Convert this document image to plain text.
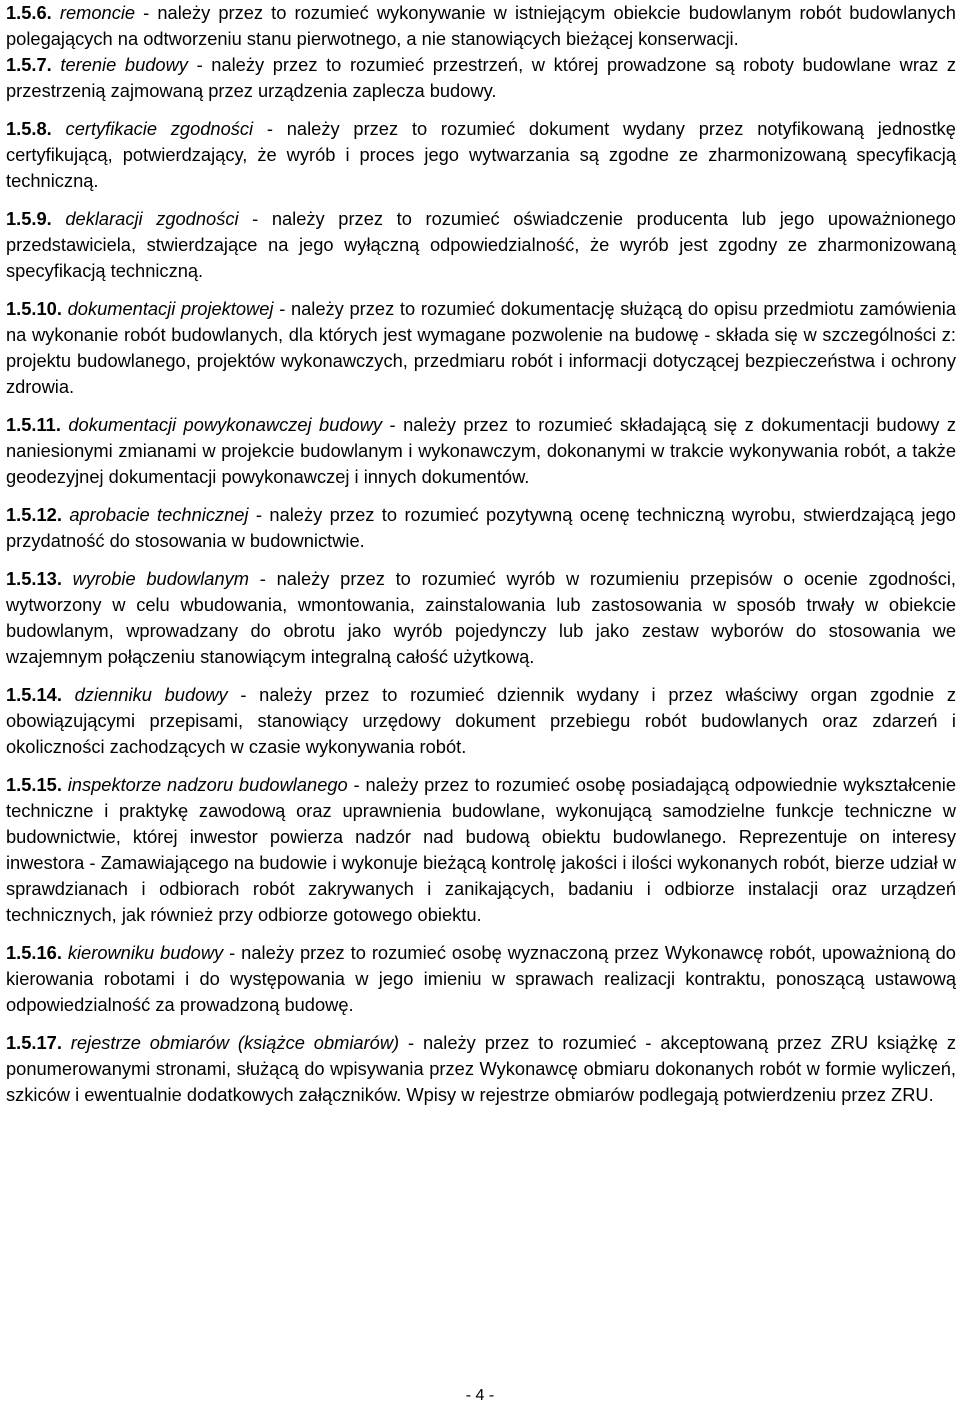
1.5.6. remoncie - należy przez to rozumieć wykonywanie w istniejącym obiekcie budowlanym robót budowlanych polegających na odtworzeniu stanu pierwotnego, a nie stanowiących bieżącej konserwacji.

1.5.7. terenie budowy - należy przez to rozumieć przestrzeń, w której prowadzone są roboty budowlane wraz z przestrzenią zajmowaną przez urządzenia zaplecza budowy.

1.5.8. certyfikacie zgodności - należy przez to rozumieć dokument wydany przez notyfikowaną jednostkę certyfikującą, potwierdzający, że wyrób i proces jego wytwarzania są zgodne ze zharmonizowaną specyfikacją techniczną.

1.5.9. deklaracji zgodności - należy przez to rozumieć oświadczenie producenta lub jego upoważnionego przedstawiciela, stwierdzające na jego wyłączną odpowiedzialność, że wyrób jest zgodny ze zharmonizowaną specyfikacją techniczną.

1.5.10. dokumentacji projektowej - należy przez to rozumieć dokumentację służącą do opisu przedmiotu zamówienia na wykonanie robót budowlanych, dla których jest wymagane pozwolenie na budowę - składa się w szczególności z: projektu budowlanego, projektów wykonawczych, przedmiaru robót i informacji dotyczącej bezpieczeństwa i ochrony zdrowia.

1.5.11. dokumentacji powykonawczej budowy - należy przez to rozumieć składającą się z dokumentacji budowy z naniesionymi zmianami w projekcie budowlanym i wykonawczym, dokonanymi w trakcie wykonywania robót, a także geodezyjnej dokumentacji powykonawczej i innych dokumentów.

1.5.12. aprobacie technicznej - należy przez to rozumieć pozytywną ocenę techniczną wyrobu, stwierdzającą jego przydatność do stosowania w budownictwie.

1.5.13. wyrobie budowlanym - należy przez to rozumieć wyrób w rozumieniu przepisów o ocenie zgodności, wytworzony w celu wbudowania, wmontowania, zainstalowania lub zastosowania w sposób trwały w obiekcie budowlanym, wprowadzany do obrotu jako wyrób pojedynczy lub jako zestaw wyborów do stosowania we wzajemnym połączeniu stanowiącym integralną całość użytkową.

1.5.14. dzienniku budowy - należy przez to rozumieć dziennik wydany i przez właściwy organ zgodnie z obowiązującymi przepisami, stanowiący urzędowy dokument przebiegu robót budowlanych oraz zdarzeń i okoliczności zachodzących w czasie wykonywania robót.

1.5.15. inspektorze nadzoru budowlanego - należy przez to rozumieć osobę posiadającą odpowiednie wykształcenie techniczne i praktykę zawodową oraz uprawnienia budowlane, wykonującą samodzielne funkcje techniczne w budownictwie, której inwestor powierza nadzór nad budową obiektu budowlanego. Reprezentuje on interesy inwestora - Zamawiającego na budowie i wykonuje bieżącą kontrolę jakości i ilości wykonanych robót, bierze udział w sprawdzianach i odbiorach robót zakrywanych i zanikających, badaniu i odbiorze instalacji oraz urządzeń technicznych, jak również przy odbiorze gotowego obiektu.

1.5.16. kierowniku budowy - należy przez to rozumieć osobę wyznaczoną przez Wykonawcę robót, upoważnioną do kierowania robotami i do występowania w jego imieniu w sprawach realizacji kontraktu, ponoszącą ustawową odpowiedzialność za prowadzoną budowę.

1.5.17. rejestrze obmiarów (książce obmiarów) - należy przez to rozumieć - akceptowaną przez ZRU książkę z ponumerowanymi stronami, służącą do wpisywania przez Wykonawcę obmiaru dokonanych robót w formie wyliczeń, szkiców i ewentualnie dodatkowych załączników. Wpisy w rejestrze obmiarów podlegają potwierdzeniu przez ZRU.

- 4 -
